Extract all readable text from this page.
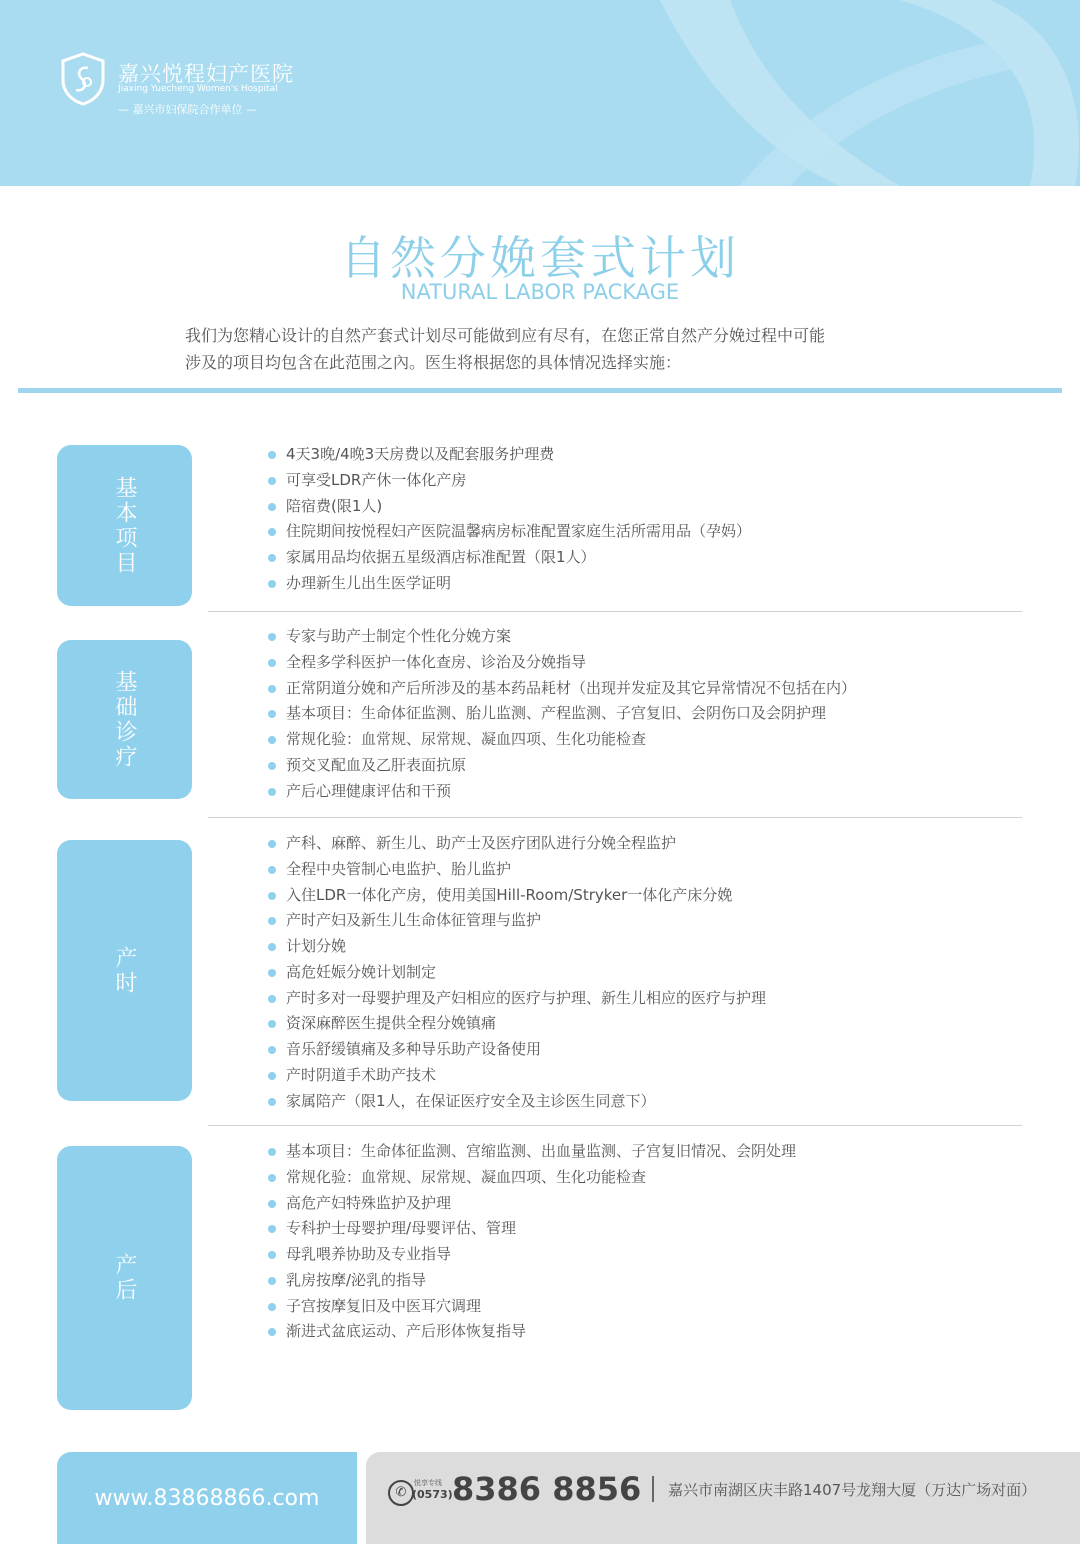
嘉兴悦程妇产医院
Jiaxing Yuecheng Women's Hospital
— 嘉兴市妇保院合作单位 —
自然分娩套式计划
NATURAL LABOR PACKAGE

我们为您精心设计的自然产套式计划尽可能做到应有尽有，在您正常自然产分娩过程中可能

涉及的项目均包含在此范围之內。医生将根据您的具体情况选择实施：

基本项目
4天3晚/4晚3天房费以及配套服务护理费
可享受LDR产休一体化产房
陪宿费(限1人)
住院期间按悦程妇产医院温馨病房标准配置家庭生活所需用品（孕妈）
家属用品均依据五星级酒店标准配置（限1人）
办理新生儿出生医学证明
基础诊疗
专家与助产士制定个性化分娩方案
全程多学科医护一体化查房、诊治及分娩指导
正常阴道分娩和产后所涉及的基本药品耗材（出现并发症及其它异常情况不包括在内）
基本项目：生命体征监测、胎儿监测、产程监测、子宫复旧、会阴伤口及会阴护理
常规化验：血常规、尿常规、凝血四项、生化功能检查
预交叉配血及乙肝表面抗原
产后心理健康评估和干预
产时
产科、麻醉、新生儿、助产士及医疗团队进行分娩全程监护
全程中央管制心电监护、胎儿监护
入住LDR一体化产房，使用美国Hill-Room/Stryker一体化产床分娩
产时产妇及新生儿生命体征管理与监护
计划分娩
高危妊娠分娩计划制定
产时多对一母婴护理及产妇相应的医疗与护理、新生儿相应的医疗与护理
资深麻醉医生提供全程分娩镇痛
音乐舒缓镇痛及多种导乐助产设备使用
产时阴道手术助产技术
家属陪产（限1人，在保证医疗安全及主诊医生同意下）
产后
基本项目：生命体征监测、宫缩监测、出血量监测、子宫复旧情况、会阴处理
常规化验：血常规、尿常规、凝血四项、生化功能检查
高危产妇特殊监护及护理
专科护士母婴护理/母婴评估、管理
母乳喂养协助及专业指导
乳房按摩/泌乳的指导
子宫按摩复旧及中医耳穴调理
渐进式盆底运动、产后形体恢复指导
www.83868866.com	✆
悦享专线
(0573) 8386 8856 嘉兴市南湖区庆丰路1407号龙翔大厦（万达广场对面）
